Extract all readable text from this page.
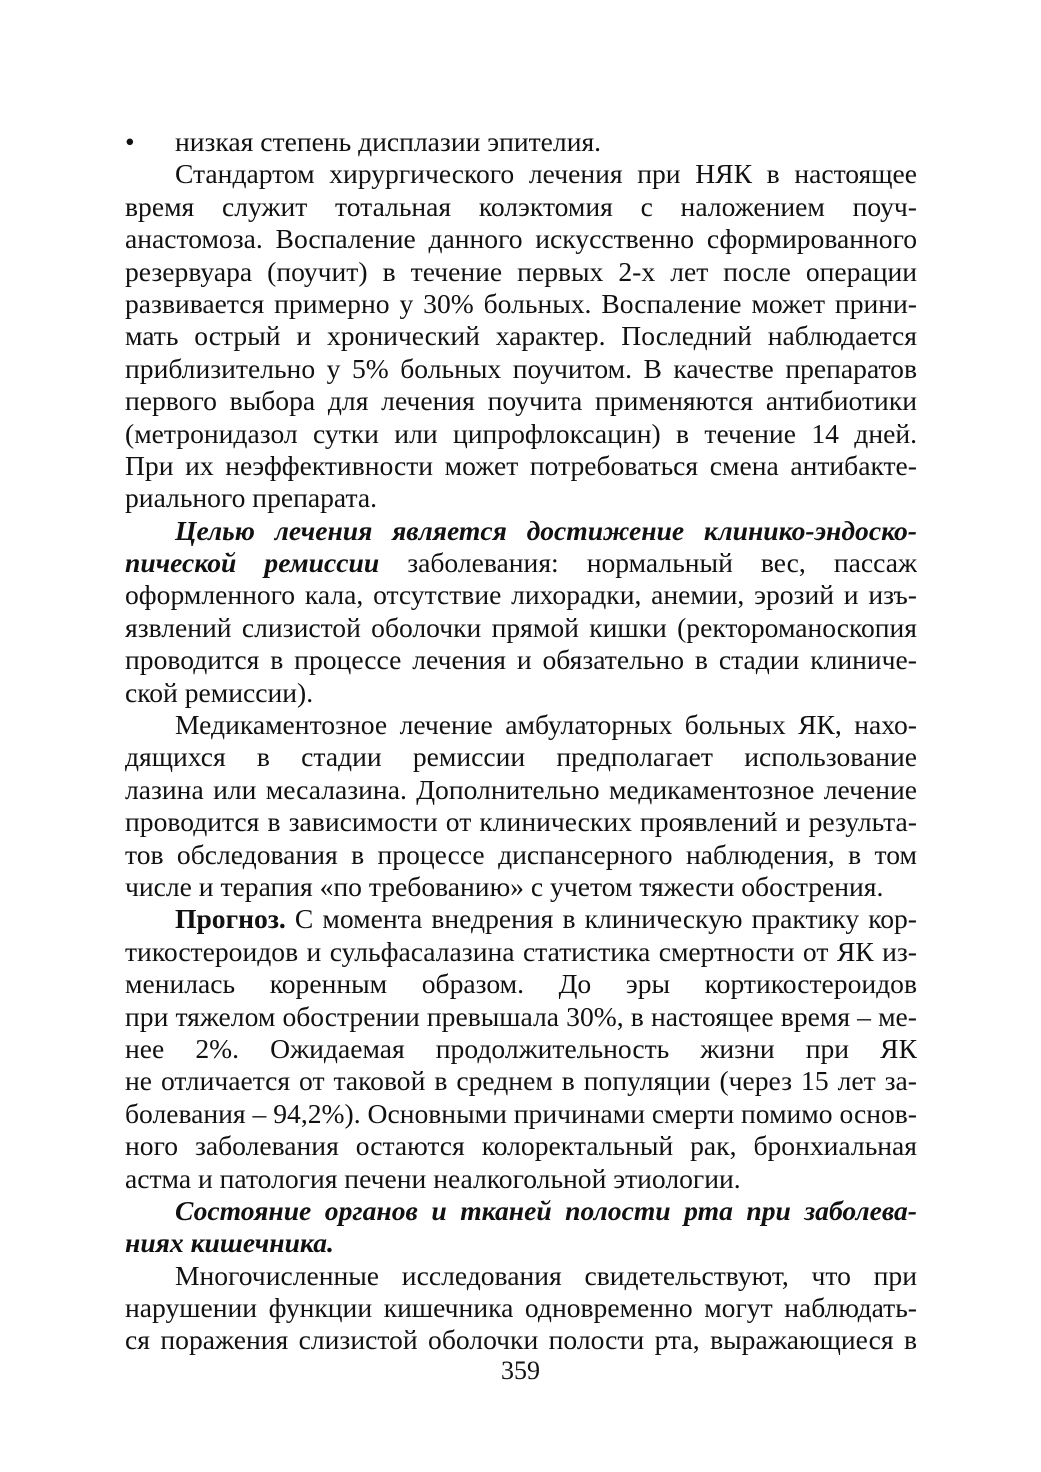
• низкая степень дисплазии эпителия.
Стандартом хирургического лечения при НЯК в настоящее
время служит тотальная колэктомия с наложением поуч-
анастомоза. Воспаление данного искусственно сформированного
резервуара (поучит) в течение первых 2-х лет после операции
развивается примерно у 30% больных. Воспаление может прини-
мать острый и хронический характер. Последний наблюдается
приблизительно у 5% больных поучитом. В качестве препаратов
первого выбора для лечения поучита применяются антибиотики
(метронидазол сутки или ципрофлоксацин) в течение 14 дней.
При их неэффективности может потребоваться смена антибакте-
риального препарата.
Целью лечения является достижение клинико-эндоско-
пической ремиссии заболевания: нормальный вес, пассаж
оформленного кала, отсутствие лихорадки, анемии, эрозий и изъ-
язвлений слизистой оболочки прямой кишки (ректороманоскопия
проводится в процессе лечения и обязательно в стадии клиниче-
ской ремиссии).
Медикаментозное лечение амбулаторных больных ЯК, нахо-
дящихся в стадии ремиссии предполагает использование
лазина или месалазина. Дополнительно медикаментозное лечение
проводится в зависимости от клинических проявлений и результа-
тов обследования в процессе диспансерного наблюдения, в том
числе и терапия «по требованию» с учетом тяжести обострения.
Прогноз. С момента внедрения в клиническую практику кор-
тикостероидов и сульфасалазина статистика смертности от ЯК из-
менилась коренным образом. До эры кортикостероидов
при тяжелом обострении превышала 30%, в настоящее время – ме-
нее 2%. Ожидаемая продолжительность жизни при ЯК
не отличается от таковой в среднем в популяции (через 15 лет за-
болевания – 94,2%). Основными причинами смерти помимо основ-
ного заболевания остаются колоректальный рак, бронхиальная
астма и патология печени неалкогольной этиологии.
Состояние органов и тканей полости рта при заболева-
ниях кишечника.
Многочисленные исследования свидетельствуют, что при
нарушении функции кишечника одновременно могут наблюдать-
ся поражения слизистой оболочки полости рта, выражающиеся в
359
